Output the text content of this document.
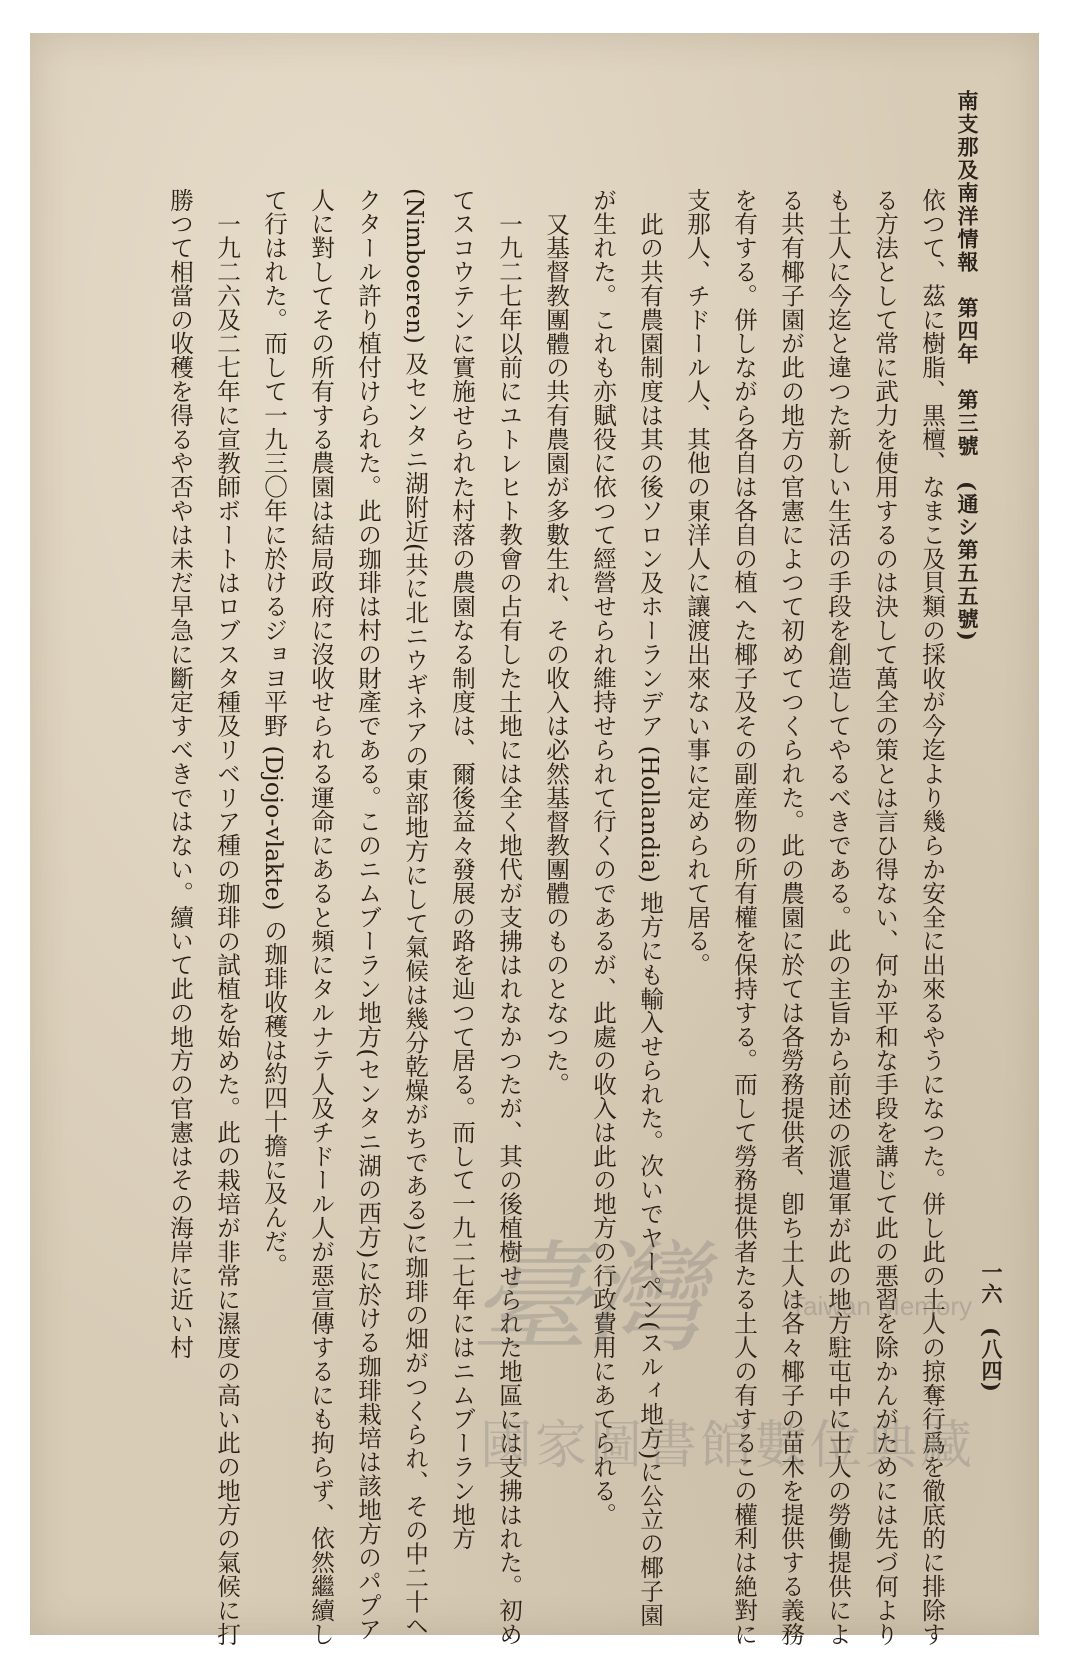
南支那及南洋情報　第四年　第三號　(通シ第五五號)
一六　(八四)

依つて、茲に樹脂、黒檀、なまこ及貝類の採收が今迄より幾らか安全に出來るやうになつた。併し此の土人の掠奪行爲を徹底的に排除する方法として常に武力を使用するのは決して萬全の策とは言ひ得ない、何か平和な手段を講じて此の悪習を除かんがためには先づ何よりも土人に今迄と違つた新しい生活の手段を創造してやるべきである。此の主旨から前述の派遣軍が此の地方駐屯中に土人の勞働提供による共有椰子園が此の地方の官憲によつて初めてつくられた。此の農園に於ては各勞務提供者、卽ち土人は各々椰子の苗木を提供する義務を有する。併しながら各自は各自の植へた椰子及その副産物の所有權を保持する。而して勞務提供者たる土人の有するこの權利は絶對に支那人、チドール人、其他の東洋人に讓渡出來ない事に定められて居る。

此の共有農園制度は其の後ソロン及ホーランデア (Hollandia) 地方にも輸入せられた。次いでヤーペン(スルィ地方)に公立の椰子園が生れた。これも亦賦役に依つて經營せられ維持せられて行くのであるが、此處の收入は此の地方の行政費用にあてられる。

又基督教團體の共有農園が多數生れ、その收入は必然基督教團體のものとなつた。

一九二七年以前にユトレヒト教會の占有した土地には全く地代が支拂はれなかつたが、其の後植樹せられた地區には支拂はれた。初めてスコウテンに實施せられた村落の農園なる制度は、爾後益々發展の路を辿つて居る。而して一九二七年にはニムブーラン地方 (Nimboeren) 及センタニ湖附近(共に北ニウギネアの東部地方にして氣候は幾分乾燥がちである)に珈琲の畑がつくられ、その中二十ヘクタール許り植付けられた。此の珈琲は村の財產である。このニムブーラン地方(センタニ湖の西方)に於ける珈琲栽培は該地方のパプア人に對してその所有する農園は結局政府に沒收せられる運命にあると頻にタルナテ人及チドール人が惡宣傳するにも拘らず、依然繼續して行はれた。而して一九三〇年に於けるジョヨ平野 (Djojo-vlakte) の珈琲收穫は約四十擔に及んだ。

一九二六及二七年に宣教師ボートはロブスタ種及リベリア種の珈琲の試植を始めた。此の栽培が非常に濕度の高い此の地方の氣候に打勝つて相當の收穫を得るや否やは未だ早急に斷定すべきではない。續いて此の地方の官憲はその海岸に近い村	臺灣	Taiwan Memory
國家圖書館數位典藏
